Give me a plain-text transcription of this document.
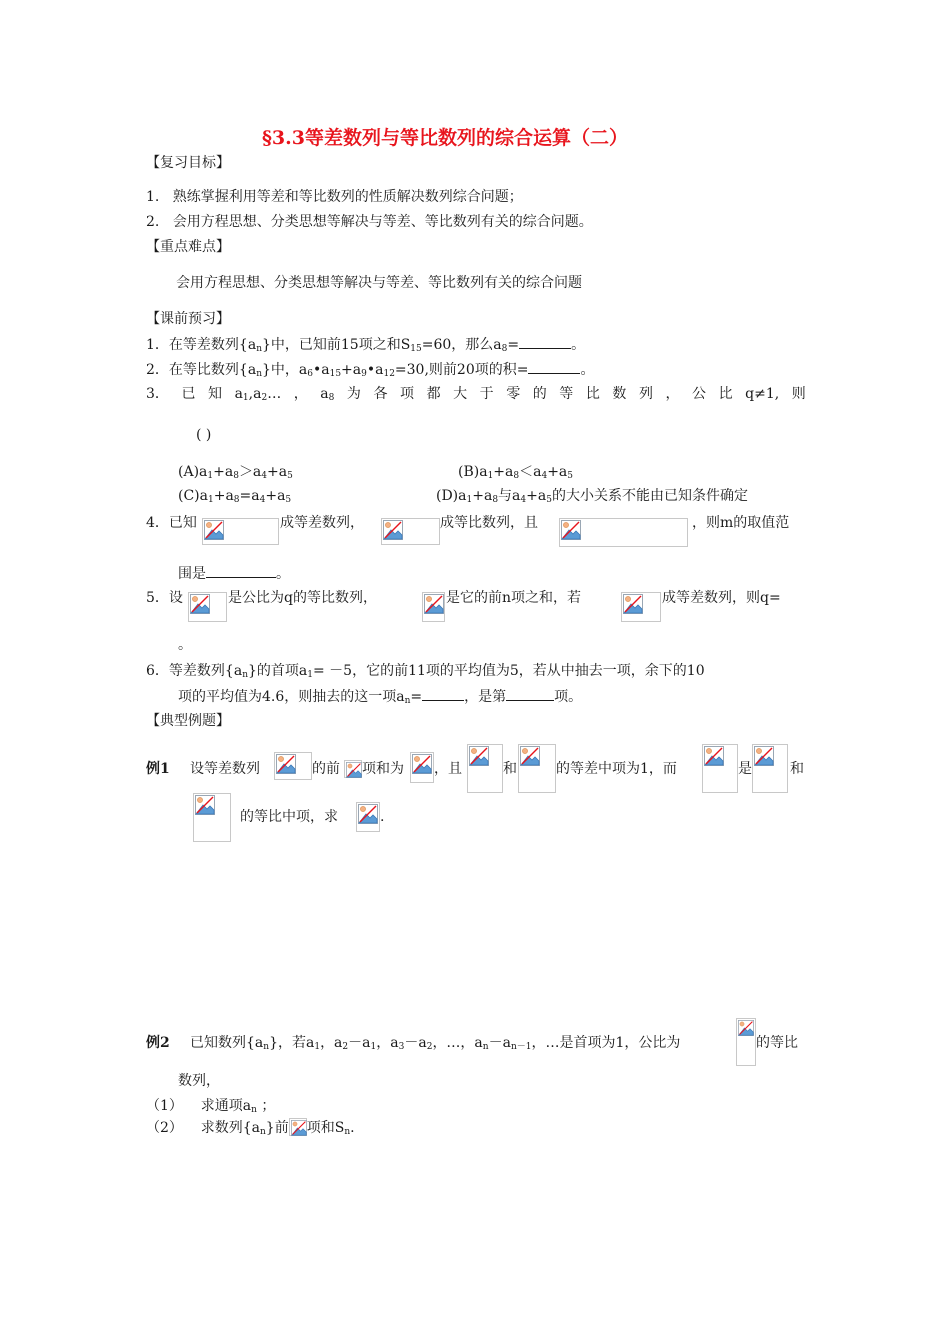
§3.3等差数列与等比数列的综合运算（二）
【复习目标】
1. 熟练掌握利用等差和等比数列的性质解决数列综合问题；
2. 会用方程思想、分类思想等解决与等差、等比数列有关的综合问题。
【重点难点】
会用方程思想、分类思想等解决与等差、等比数列有关的综合问题
【课前预习】
1．在等差数列$\{a_n\}$中，已知前15项之和$S_{15}=60$，那么$a_8=$	。
2．在等比数列$\{a_n\}$中，$a_6•a_{15}+a_9•a_{12}=30$,则前20项的积=	。
3． 已 知 $a_1,a_2\dots$ ， $a_8$ 为 各 项 都 大 于 零 的 等 比 数 列 ， 公 比 q≠1, 则
( )
$(A)a_1+a_8>a_4+a_5$	$(B)a_1+a_8<a_4+a_5$
$(C)a_1+a_8=a_4+a_5$	$(D)a_1+a_8$与$a_4+a_5$的大小关系不能由已知条件确定
4．已知	成等差数列，	成等比数列，且	，则m的取值范
围是	。
5．设	是公比为q的等比数列，	是它的前n项之和，若	成等差数列，则q=
。
6．等差数列$\{a_n\}$的首项$a_1= -5$，它的前11项的平均值为5，若从中抽去一项，余下的10
项的平均值为4.6，则抽去的这一项$a_n=$	，是第	项。
【典型例题】
例1 设等差数列	的前 项和为 ，且	和	的等差中项为1，而	是	和
的等比中项，求	.
例2 已知数列$\{a_n\}$，若$a_1$，$a_2-a_1$，$a_3-a_2$，…，$a_n-a_{n-1}$，…是首项为1，公比为	的等比
数列，
（1） 求通项$a_n$ ；
（2） 求数列$\{a_n\}$前 项和$S_n$.
